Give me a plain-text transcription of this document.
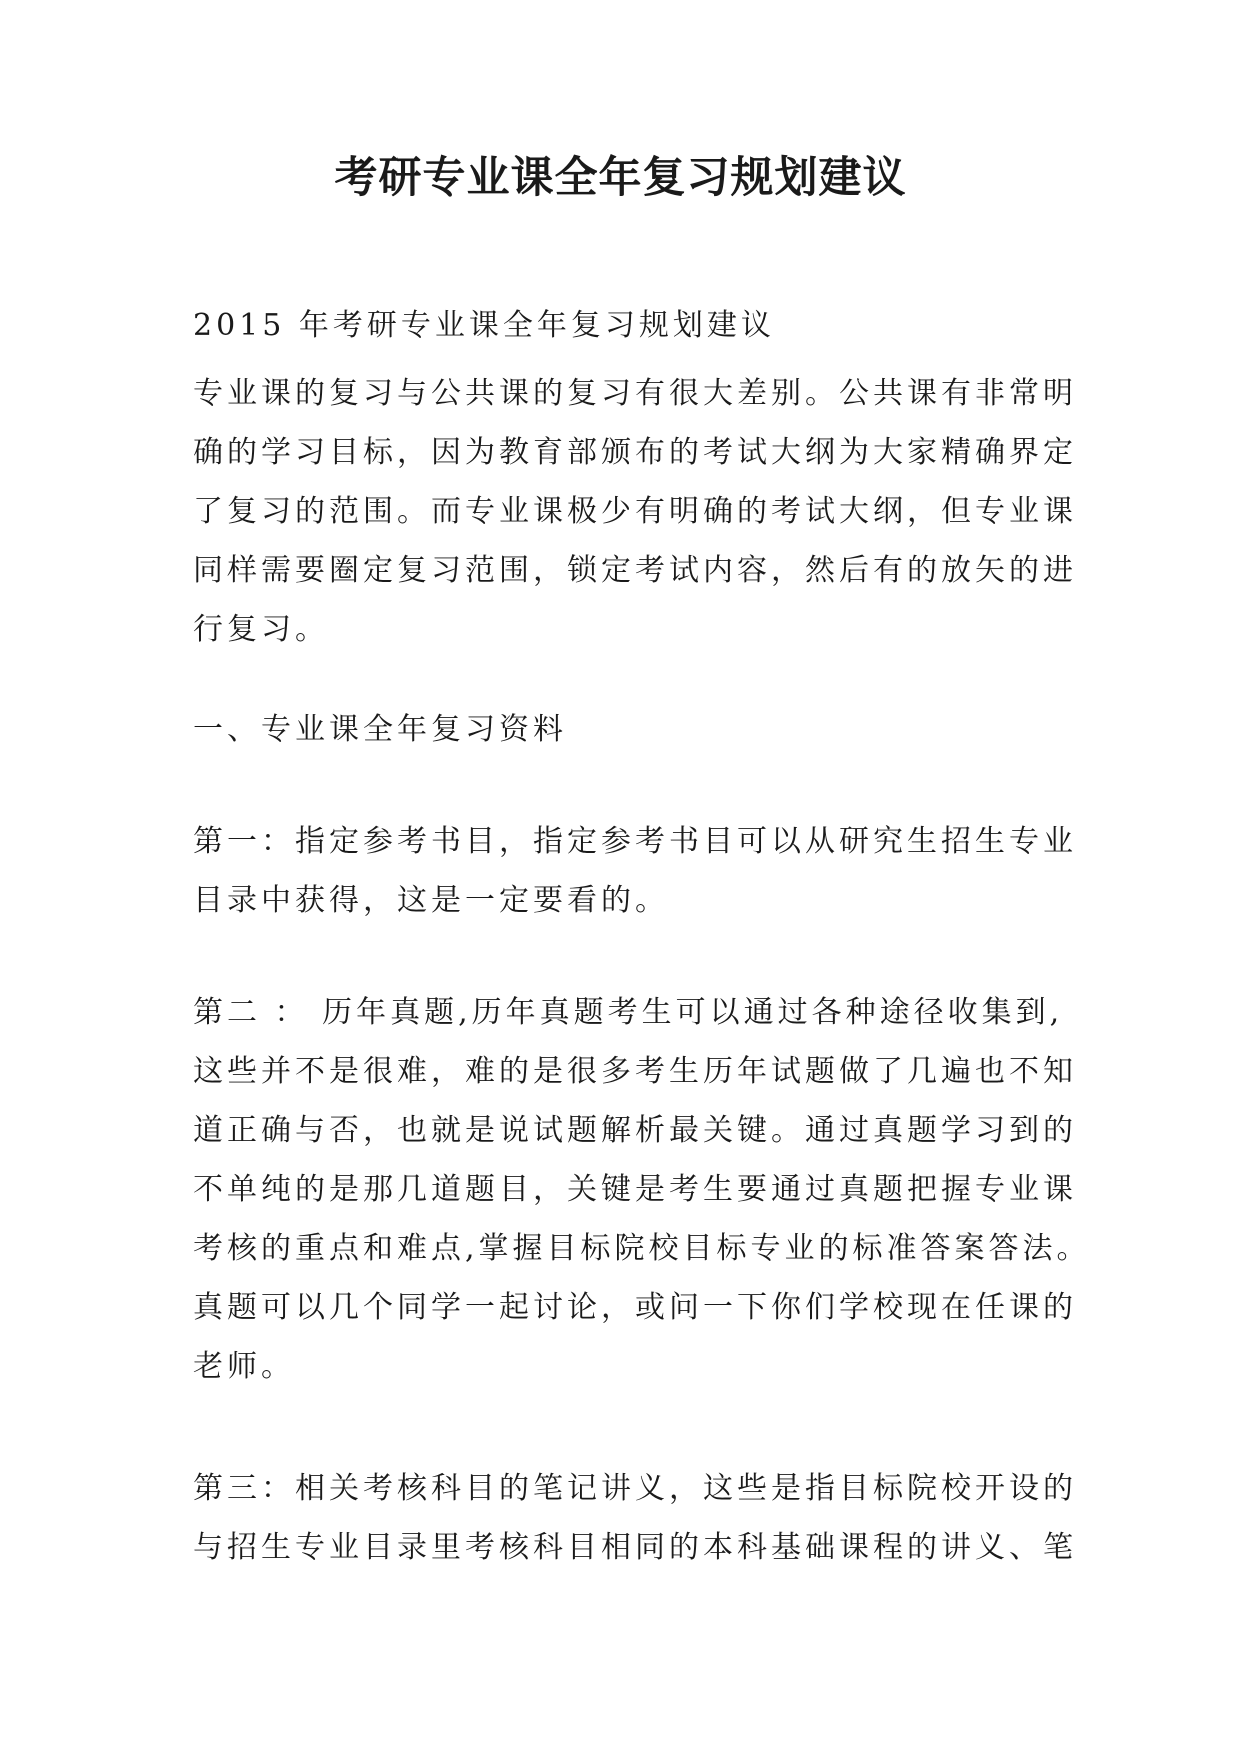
考研专业课全年复习规划建议

2015 年考研专业课全年复习规划建议

专业课的复习与公共课的复习有很大差别。公共课有非常明
确的学习目标，因为教育部颁布的考试大纲为大家精确界定
了复习的范围。而专业课极少有明确的考试大纲，但专业课
同样需要圈定复习范围，锁定考试内容，然后有的放矢的进
行复习。

一、专业课全年复习资料

第一：指定参考书目，指定参考书目可以从研究生招生专业
目录中获得，这是一定要看的。

第二 ： 历年真题,历年真题考生可以通过各种途径收集到,
这些并不是很难，难的是很多考生历年试题做了几遍也不知
道正确与否，也就是说试题解析最关键。通过真题学习到的
不单纯的是那几道题目，关键是考生要通过真题把握专业课
考核的重点和难点,掌握目标院校目标专业的标准答案答法。
真题可以几个同学一起讨论，或问一下你们学校现在任课的
老师。

第三：相关考核科目的笔记讲义，这些是指目标院校开设的
与招生专业目录里考核科目相同的本科基础课程的讲义、笔
